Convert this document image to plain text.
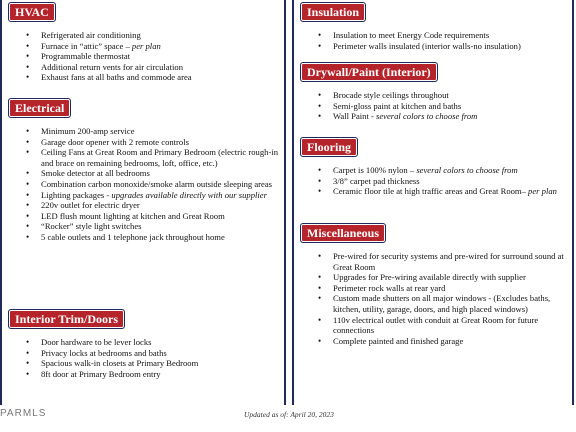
HVAC
• Refrigerated air conditioning
• Furnace in “attic” space – per plan
• Programmable thermostat
• Additional return vents for air circulation
• Exhaust fans at all baths and commode area
Electrical
• Minimum 200-amp service
• Garage door opener with 2 remote controls
• Ceiling Fans at Great Room and Primary Bedroom (electric rough-in and brace on remaining bedrooms, loft, office, etc.)
• Smoke detector at all bedrooms
• Combination carbon monoxide/smoke alarm outside sleeping areas
• Lighting packages - upgrades available directly with our supplier
• 220v outlet for electric dryer
• LED flush mount lighting at kitchen and Great Room
• “Rocker” style light switches
• 5 cable outlets and 1 telephone jack throughout home
Interior Trim/Doors
• Door hardware to be lever locks
• Privacy locks at bedrooms and baths
• Spacious walk-in closets at Primary Bedroom
• 8ft door at Primary Bedroom entry
Insulation
• Insulation to meet Energy Code requirements
• Perimeter walls insulated (interior walls-no insulation)
Drywall/Paint (Interior)
• Brocade style ceilings throughout
• Semi-gloss paint at kitchen and baths
• Wall Paint - several colors to choose from
Flooring
• Carpet is 100% nylon – several colors to choose from
• 3/8” carpet pad thickness
• Ceramic floor tile at high traffic areas and Great Room– per plan
Miscellaneous
• Pre-wired for security systems and pre-wired for surround sound at Great Room
• Upgrades for Pre-wiring available directly with supplier
• Perimeter rock walls at rear yard
• Custom made shutters on all major windows - (Excludes baths, kitchen, utility, garage, doors, and high placed windows)
• 110v electrical outlet with conduit at Great Room for future connections
• Complete painted and finished garage
PARMLS	Updated as of: April 20, 2023
